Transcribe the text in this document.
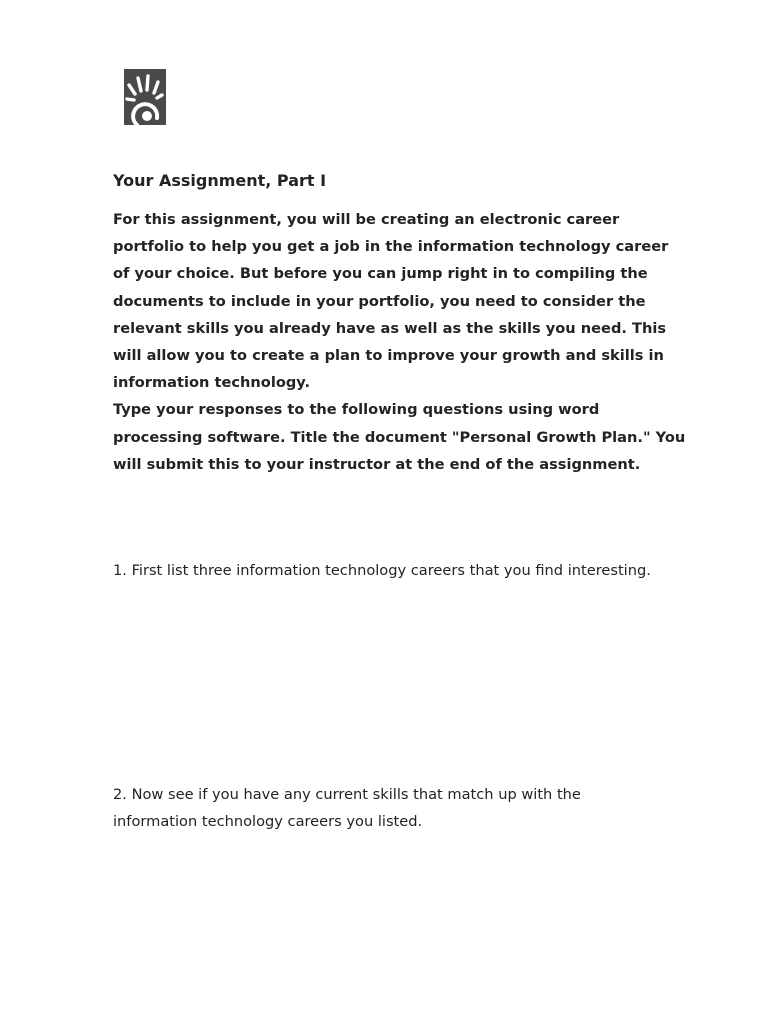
Your Assignment, Part I

For this assignment, you will be creating an electronic career portfolio to help you get a job in the information technology career of your choice. But before you can jump right in to compiling the documents to include in your portfolio, you need to consider the relevant skills you already have as well as the skills you need. This will allow you to create a plan to improve your growth and skills in information technology.

Type your responses to the following questions using word processing software. Title the document "Personal Growth Plan." You will submit this to your instructor at the end of the assignment.

1. First list three information technology careers that you find interesting.

2. Now see if you have any current skills that match up with the information technology careers you listed.
